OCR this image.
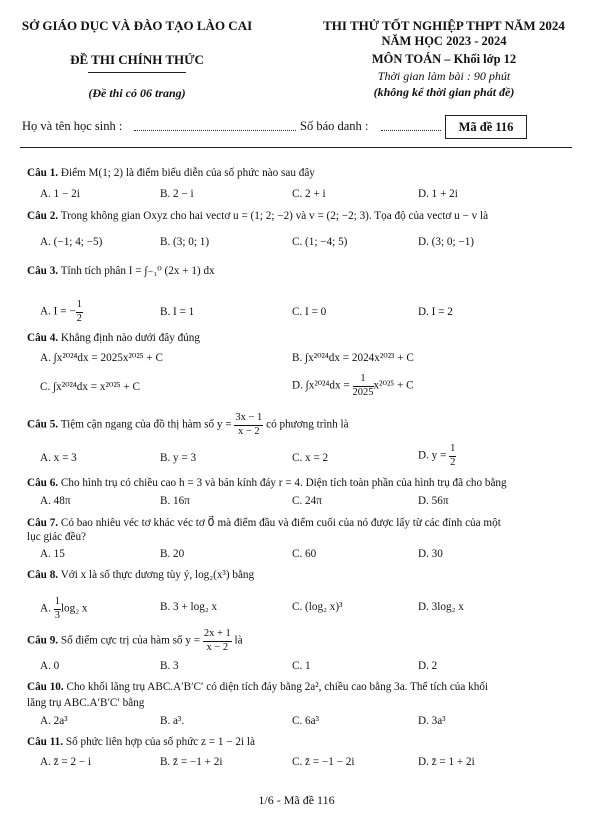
SỞ GIÁO DỤC VÀ ĐÀO TẠO LÀO CAI
ĐỀ THI CHÍNH THỨC
(Đề thi có 06 trang)
THI THỬ TỐT NGHIỆP THPT NĂM 2024
NĂM HỌC 2023 - 2024
MÔN TOÁN – Khối lớp 12
Thời gian làm bài : 90 phút
(không kể thời gian phát đề)
Họ và tên học sinh :	Số báo danh :	Mã đề 116
Câu 1. Điểm M(1; 2) là điểm biểu diễn của số phức nào sau đây
A. 1 − 2i	B. 2 − i	C. 2 + i	D. 1 + 2i
Câu 2. Trong không gian Oxyz cho hai vectơ u = (1; 2; −2) và v = (2; −2; 3). Tọa độ của vectơ u − v là
A. (−1; 4; −5)	B. (3; 0; 1)	C. (1; −4; 5)	D. (3; 0; −1)
Câu 3. Tính tích phân I = ∫₋₁⁰ (2x + 1) dx
A. I = − $\frac{1}{2}$	B. I = 1	C. I = 0	D. I = 2
Câu 4. Khẳng định nào dưới đây đúng
A. ∫x²⁰²⁴dx = 2025x²⁰²⁵ + C	B. ∫x²⁰²⁴dx = 2024x²⁰²³ + C
C. ∫x²⁰²⁴dx = x²⁰²⁵ + C	D. $\int x^{2024}dx = \frac{1}{2025} x^{2025} + C$
Câu 5. Tiệm cận ngang của đồ thị hàm số $y = \frac{3x - 1}{x - 2}$ có phương trình là
A. x = 3	B. y = 3	C. x = 2	D. $y = \frac{1}{2}$
Câu 6. Cho hình trụ có chiều cao h = 3 và bán kính đáy r = 4. Diện tích toàn phần của hình trụ đã cho bằng
A. 48π	B. 16π	C. 24π	D. 56π
Câu 7. Có bao nhiêu véc tơ khác véc tơ 0⃗ mà điểm đầu và điểm cuối của nó được lấy từ các đỉnh của một
lục giác đều?
A. 15	B. 20	C. 60	D. 30
Câu 8. Với x là số thực dương tùy ý, log₂(x³) bằng
A. $\frac{1}{3} \log_2$ x	B. 3 + log₂ x	C. (log₂ x)³	D. 3log₂ x
Câu 9. Số điểm cực trị của hàm số $y = \frac{2x + 1}{x - 2}$ là
A. 0	B. 3	C. 1	D. 2
Câu 10. Cho khối lăng trụ ABC.A′B′C′ có diện tích đáy bằng 2a², chiều cao bằng 3a. Thể tích của khối
lăng trụ ABC.A′B′C′ bằng
A. 2a³	B. a³.	C. 6a³	D. 3a³
Câu 11. Số phức liên hợp của số phức z = 1 − 2i là
A. z̄ = 2 − i	B. z̄ = −1 + 2i	C. z̄ = −1 − 2i	D. z̄ = 1 + 2i
1/6 - Mã đề 116
